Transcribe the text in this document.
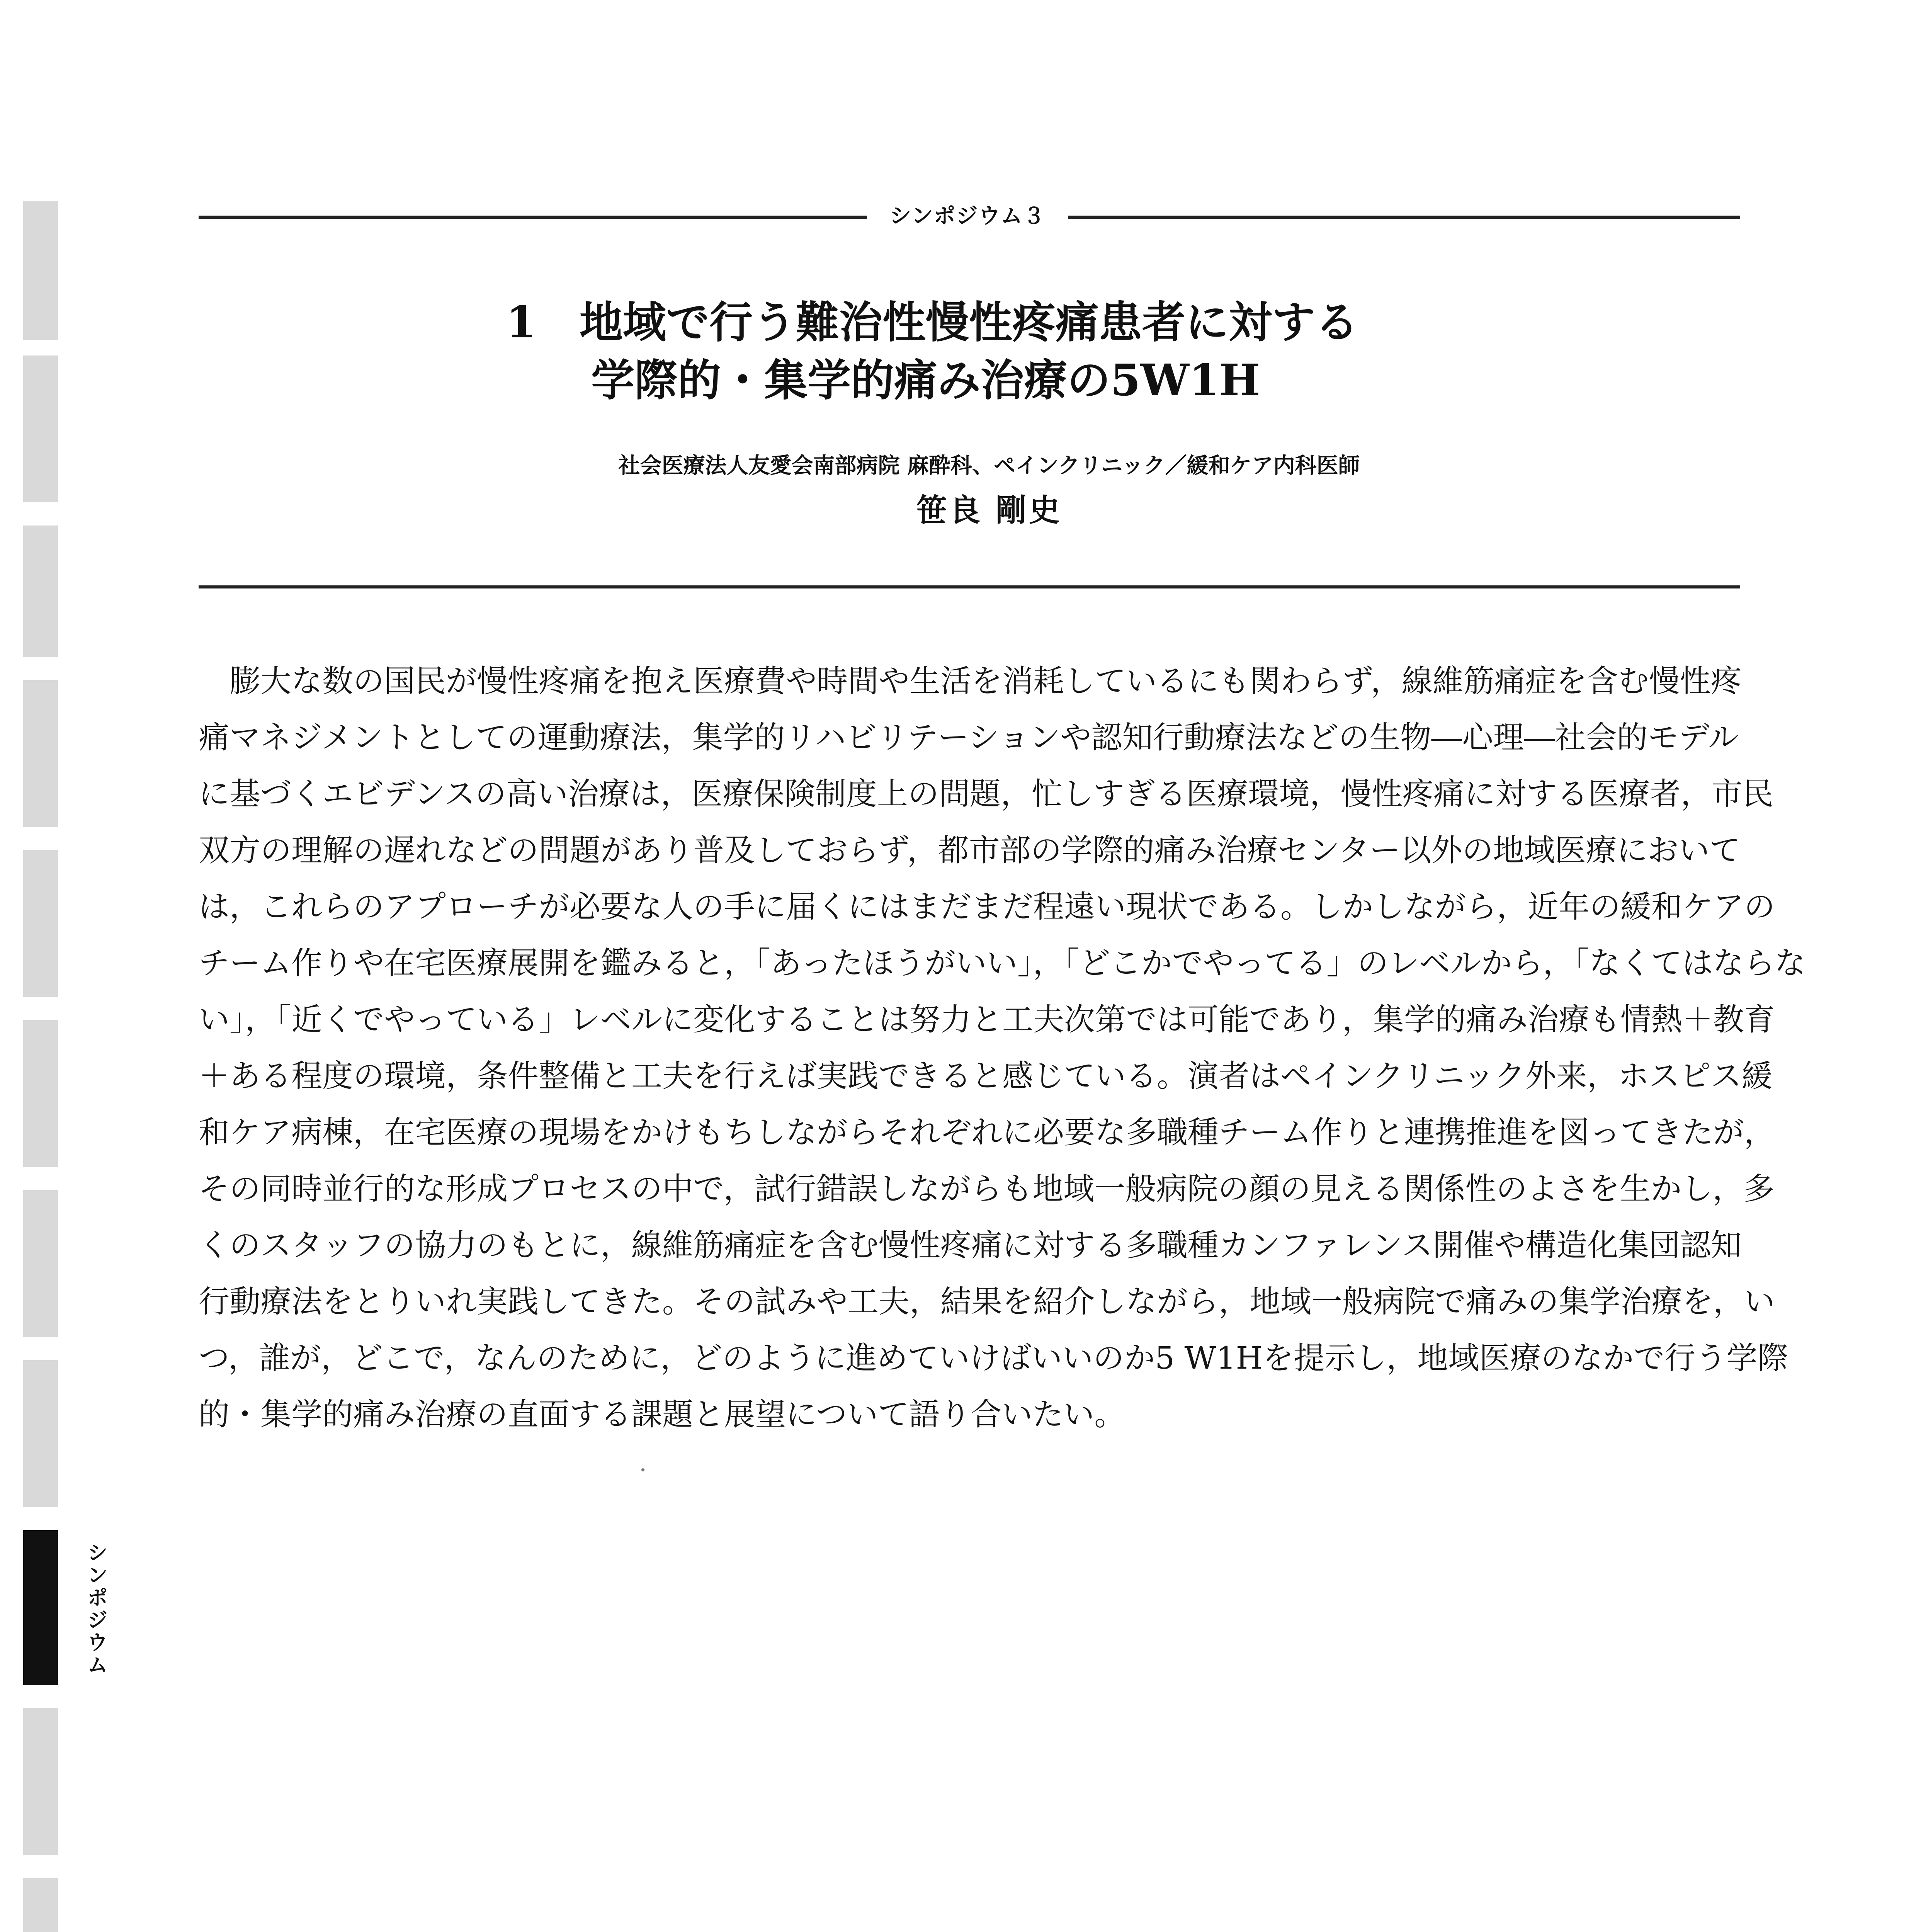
シンポジウム３
1 地域で行う難治性慢性疼痛患者に対する
学際的・集学的痛み治療の5W1H
社会医療法人友愛会南部病院 麻酔科、ペインクリニック／緩和ケア内科医師
笹良 剛史
　膨大な数の国民が慢性疼痛を抱え医療費や時間や生活を消耗しているにも関わらず，線維筋痛症を含む慢性疼
痛マネジメントとしての運動療法，集学的リハビリテーションや認知行動療法などの生物―心理―社会的モデル
に基づくエビデンスの高い治療は，医療保険制度上の問題，忙しすぎる医療環境，慢性疼痛に対する医療者，市民
双方の理解の遅れなどの問題があり普及しておらず，都市部の学際的痛み治療センター以外の地域医療において
は，これらのアプローチが必要な人の手に届くにはまだまだ程遠い現状である。しかしながら，近年の緩和ケアの
チーム作りや在宅医療展開を鑑みると，「あったほうがいい」，「どこかでやってる」のレベルから，「なくてはならな
い」，「近くでやっている」レベルに変化することは努力と工夫次第では可能であり，集学的痛み治療も情熱＋教育
＋ある程度の環境，条件整備と工夫を行えば実践できると感じている。演者はペインクリニック外来，ホスピス緩
和ケア病棟，在宅医療の現場をかけもちしながらそれぞれに必要な多職種チーム作りと連携推進を図ってきたが，
その同時並行的な形成プロセスの中で，試行錯誤しながらも地域一般病院の顔の見える関係性のよさを生かし，多
くのスタッフの協力のもとに，線維筋痛症を含む慢性疼痛に対する多職種カンファレンス開催や構造化集団認知
行動療法をとりいれ実践してきた。その試みや工夫，結果を紹介しながら，地域一般病院で痛みの集学治療を，い
つ，誰が，どこで，なんのために，どのように進めていけばいいのか5 W1Hを提示し，地域医療のなかで行う学際
的・集学的痛み治療の直面する課題と展望について語り合いたい。
シンポジウム
